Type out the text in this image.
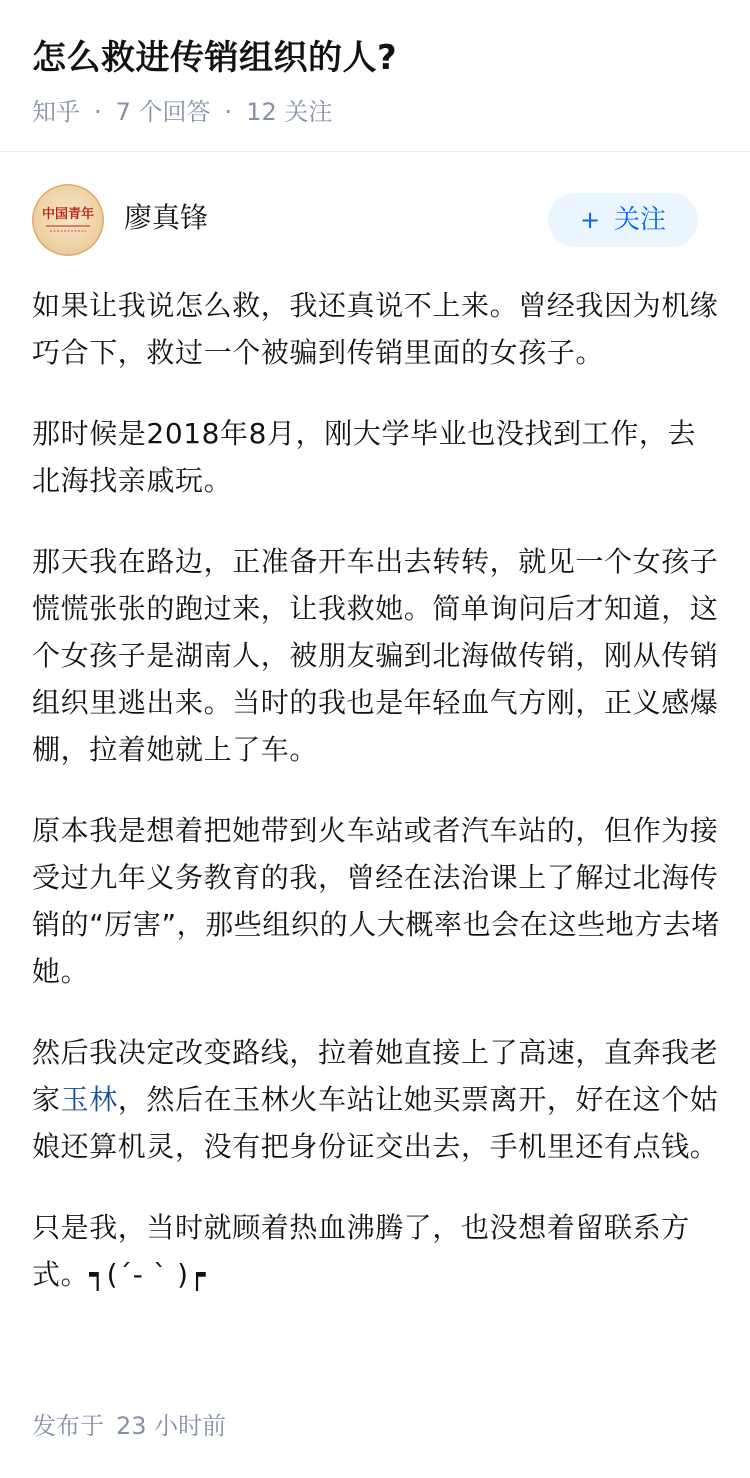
怎么救进传销组织的人?
知乎 · 7 个回答 · 12 关注
中国青年 廖真锋	+ 关注

如果让我说怎么救，我还真说不上来。曾经我因为机缘巧合下，救过一个被骗到传销里面的女孩子。

那时候是2018年8月，刚大学毕业也没找到工作，去北海找亲戚玩。

那天我在路边，正准备开车出去转转，就见一个女孩子慌慌张张的跑过来，让我救她。简单询问后才知道，这个女孩子是湖南人，被朋友骗到北海做传销，刚从传销组织里逃出来。当时的我也是年轻血气方刚，正义感爆棚，拉着她就上了车。

原本我是想着把她带到火车站或者汽车站的，但作为接受过九年义务教育的我，曾经在法治课上了解过北海传销的“厉害”，那些组织的人大概率也会在这些地方去堵她。

然后我决定改变路线，拉着她直接上了高速，直奔我老家玉林，然后在玉林火车站让她买票离开，好在这个姑娘还算机灵，没有把身份证交出去，手机里还有点钱。

只是我，当时就顾着热血沸腾了，也没想着留联系方式。┑(´- ` )┍

发布于 23 小时前
